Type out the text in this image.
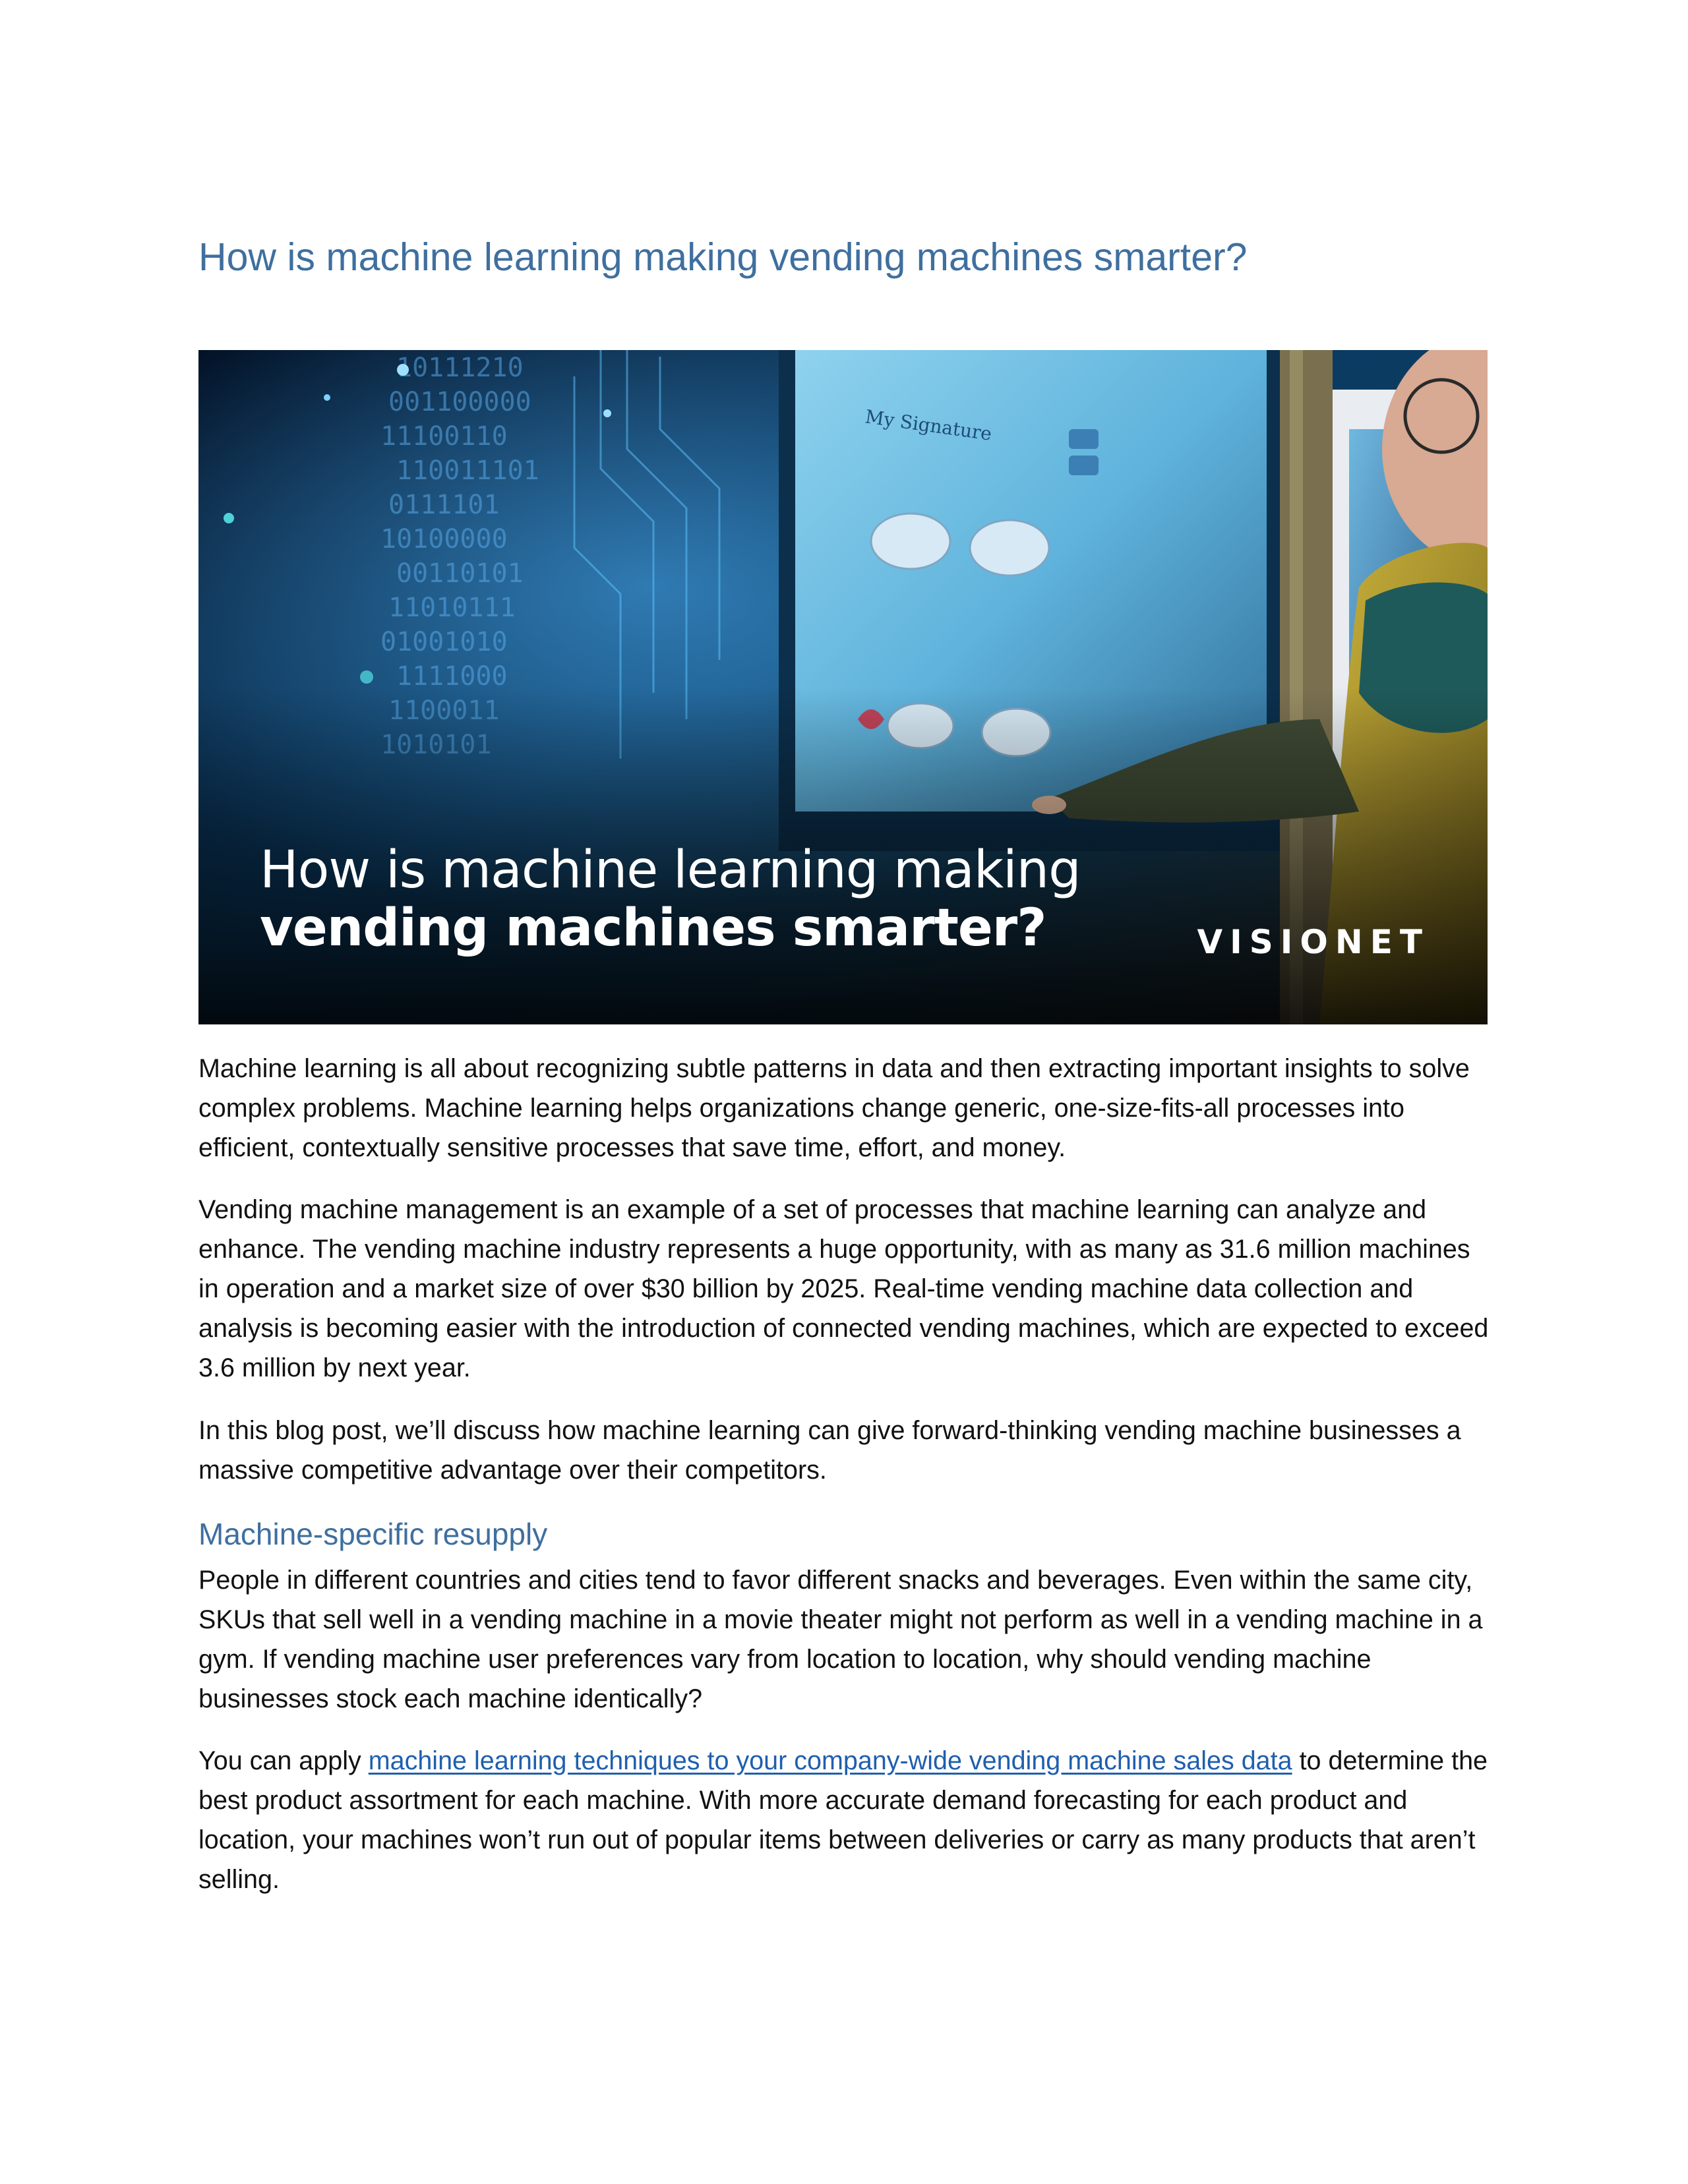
How is machine learning making vending machines smarter?
How is machine learning making
vending machines smarter?	VISIONET

Machine learning is all about recognizing subtle patterns in data and then extracting important insights to solve complex problems. Machine learning helps organizations change generic, one-size-fits-all processes into efficient, contextually sensitive processes that save time, effort, and money.

Vending machine management is an example of a set of processes that machine learning can analyze and enhance. The vending machine industry represents a huge opportunity, with as many as 31.6 million machines in operation and a market size of over $30 billion by 2025. Real-time vending machine data collection and analysis is becoming easier with the introduction of connected vending machines, which are expected to exceed 3.6 million by next year.

In this blog post, we’ll discuss how machine learning can give forward-thinking vending machine businesses a massive competitive advantage over their competitors.

Machine-specific resupply

People in different countries and cities tend to favor different snacks and beverages. Even within the same city, SKUs that sell well in a vending machine in a movie theater might not perform as well in a vending machine in a gym. If vending machine user preferences vary from location to location, why should vending machine businesses stock each machine identically?

You can apply machine learning techniques to your company-wide vending machine sales data to determine the best product assortment for each machine. With more accurate demand forecasting for each product and location, your machines won’t run out of popular items between deliveries or carry as many products that aren’t selling.
